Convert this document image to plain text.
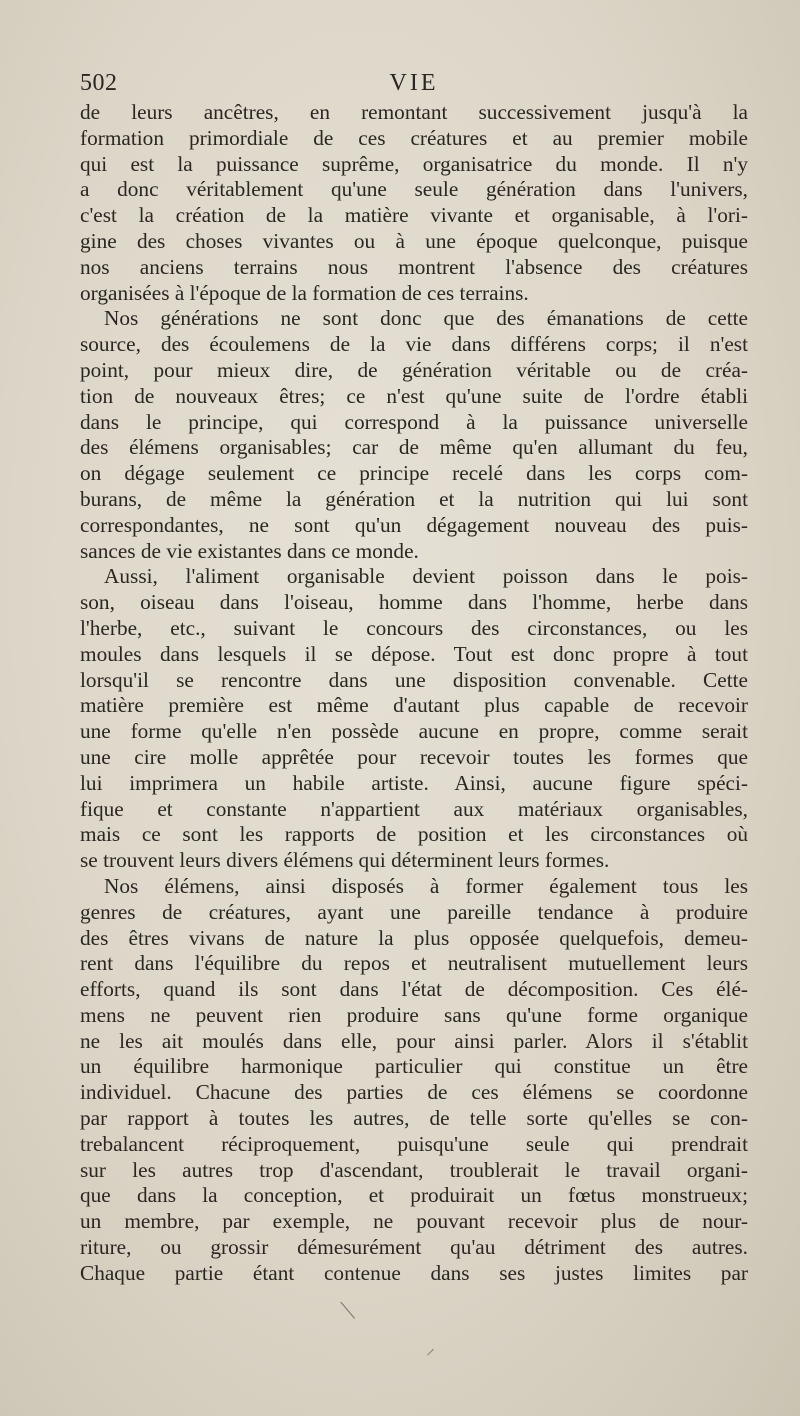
502	VIE
de leurs ancêtres, en remontant successivement jusqu'à la
formation primordiale de ces créatures et au premier mobile
qui est la puissance suprême, organisatrice du monde. Il n'y
a donc véritablement qu'une seule génération dans l'univers,
c'est la création de la matière vivante et organisable, à l'ori-
gine des choses vivantes ou à une époque quelconque, puisque
nos anciens terrains nous montrent l'absence des créatures
organisées à l'époque de la formation de ces terrains.
Nos générations ne sont donc que des émanations de cette
source, des écoulemens de la vie dans différens corps; il n'est
point, pour mieux dire, de génération véritable ou de créa-
tion de nouveaux êtres; ce n'est qu'une suite de l'ordre établi
dans le principe, qui correspond à la puissance universelle
des élémens organisables; car de même qu'en allumant du feu,
on dégage seulement ce principe recelé dans les corps com-
burans, de même la génération et la nutrition qui lui sont
correspondantes, ne sont qu'un dégagement nouveau des puis-
sances de vie existantes dans ce monde.
Aussi, l'aliment organisable devient poisson dans le pois-
son, oiseau dans l'oiseau, homme dans l'homme, herbe dans
l'herbe, etc., suivant le concours des circonstances, ou les
moules dans lesquels il se dépose. Tout est donc propre à tout
lorsqu'il se rencontre dans une disposition convenable. Cette
matière première est même d'autant plus capable de recevoir
une forme qu'elle n'en possède aucune en propre, comme serait
une cire molle apprêtée pour recevoir toutes les formes que
lui imprimera un habile artiste. Ainsi, aucune figure spéci-
fique et constante n'appartient aux matériaux organisables,
mais ce sont les rapports de position et les circonstances où
se trouvent leurs divers élémens qui déterminent leurs formes.
Nos élémens, ainsi disposés à former également tous les
genres de créatures, ayant une pareille tendance à produire
des êtres vivans de nature la plus opposée quelquefois, demeu-
rent dans l'équilibre du repos et neutralisent mutuellement leurs
efforts, quand ils sont dans l'état de décomposition. Ces élé-
mens ne peuvent rien produire sans qu'une forme organique
ne les ait moulés dans elle, pour ainsi parler. Alors il s'établit
un équilibre harmonique particulier qui constitue un être
individuel. Chacune des parties de ces élémens se coordonne
par rapport à toutes les autres, de telle sorte qu'elles se con-
trebalancent réciproquement, puisqu'une seule qui prendrait
sur les autres trop d'ascendant, troublerait le travail organi-
que dans la conception, et produirait un fœtus monstrueux;
un membre, par exemple, ne pouvant recevoir plus de nour-
riture, ou grossir démesurément qu'au détriment des autres.
Chaque partie étant contenue dans ses justes limites par
⟍
⸝
